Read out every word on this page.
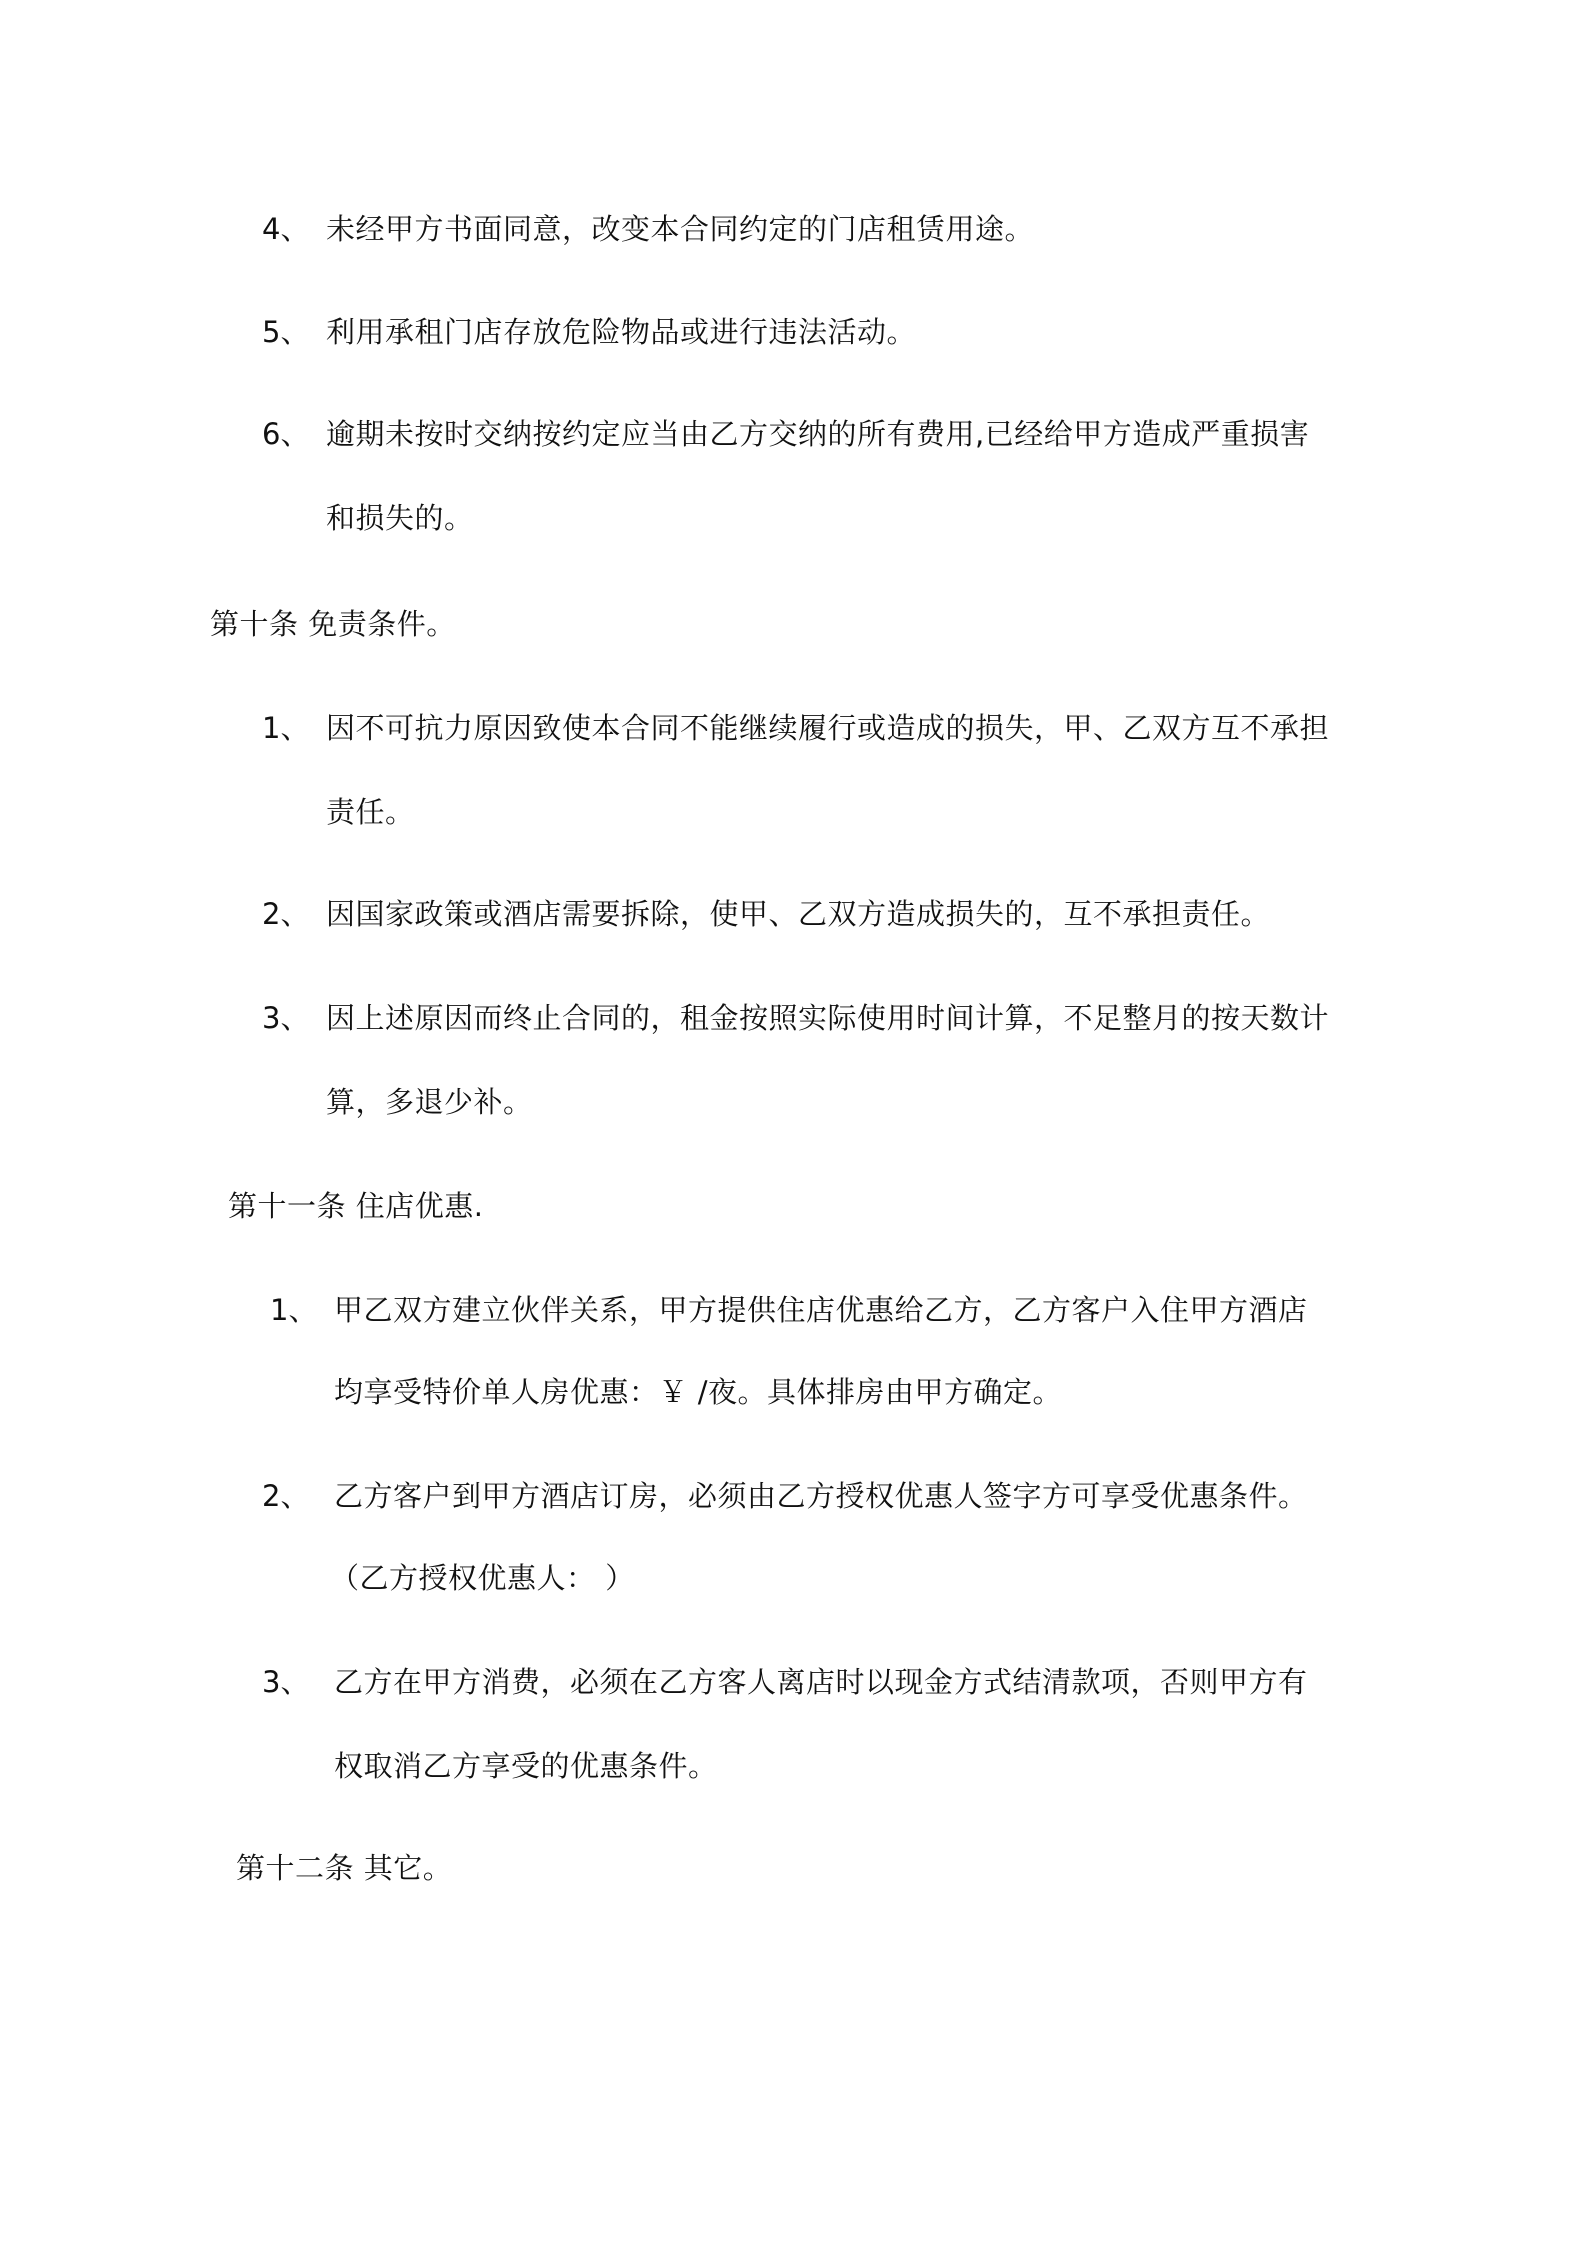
4、 未经甲方书面同意，改变本合同约定的门店租赁用途。
5、 利用承租门店存放危险物品或进行违法活动。
6、 逾期未按时交纳按约定应当由乙方交纳的所有费用,已经给甲方造成严重损害
和损失的。
第十条 免责条件。
1、 因不可抗力原因致使本合同不能继续履行或造成的损失，甲、乙双方互不承担
责任。
2、 因国家政策或酒店需要拆除，使甲、乙双方造成损失的，互不承担责任。
3、 因上述原因而终止合同的，租金按照实际使用时间计算，不足整月的按天数计
算，多退少补。
第十一条 住店优惠.
1、 甲乙双方建立伙伴关系，甲方提供住店优惠给乙方，乙方客户入住甲方酒店
均享受特价单人房优惠：￥ /夜。具体排房由甲方确定。
2、 乙方客户到甲方酒店订房，必须由乙方授权优惠人签字方可享受优惠条件。
（乙方授权优惠人： ）
3、 乙方在甲方消费，必须在乙方客人离店时以现金方式结清款项，否则甲方有
权取消乙方享受的优惠条件。
第十二条 其它。
